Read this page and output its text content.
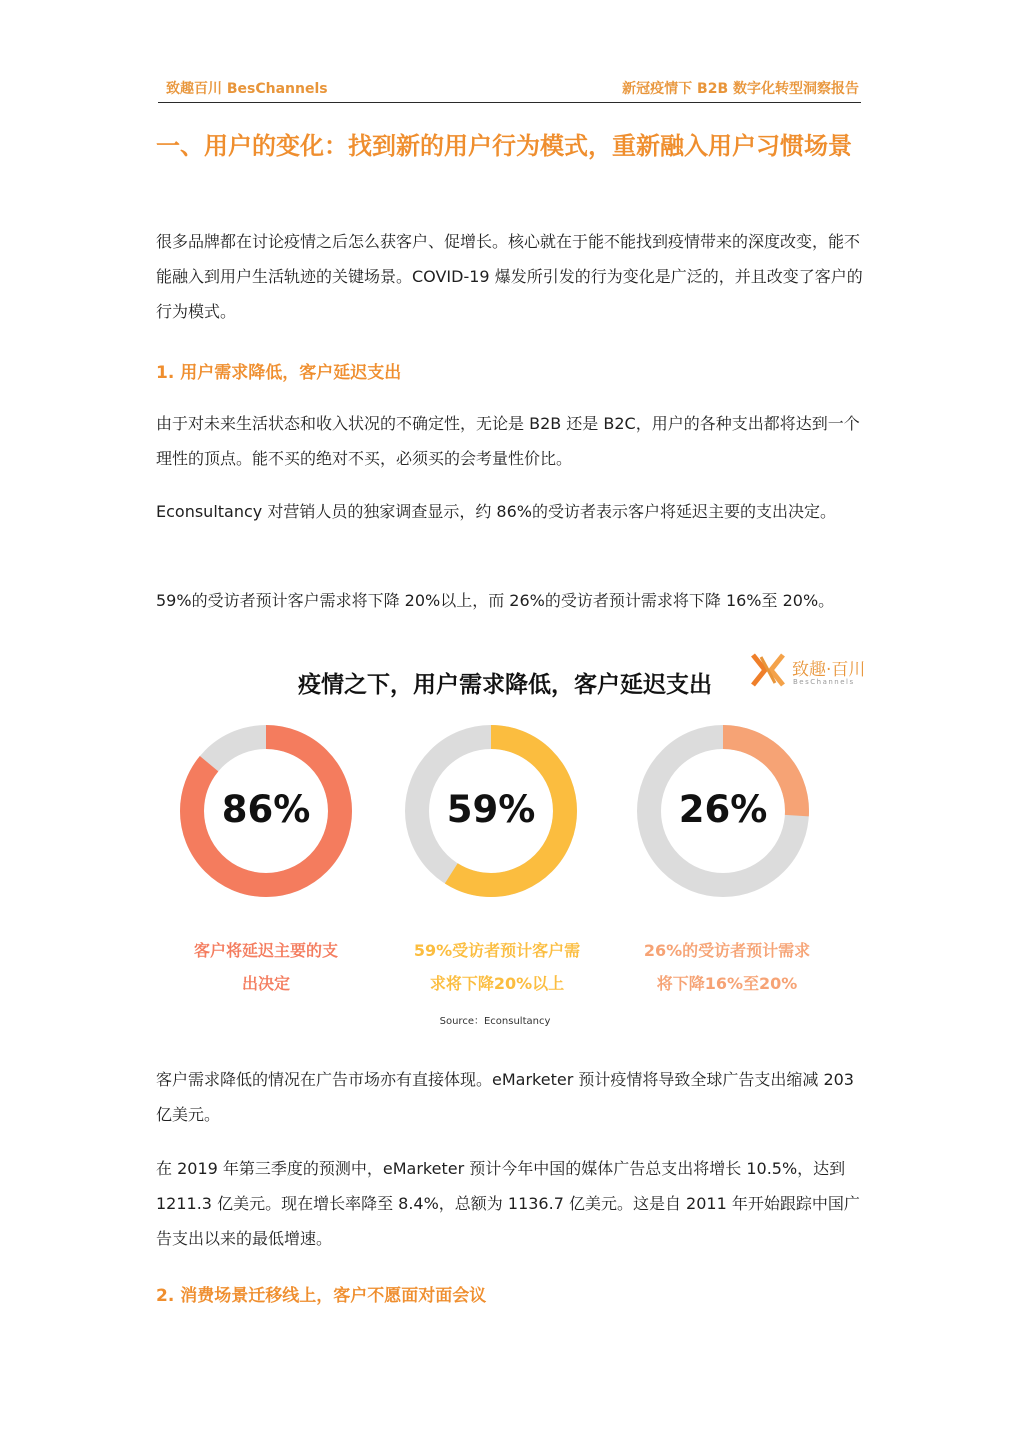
致趣百川 BesChannels	新冠疫情下 B2B 数字化转型洞察报告
一、用户的变化：找到新的用户行为模式，重新融入用户习惯场景

很多品牌都在讨论疫情之后怎么获客户、促增长。核心就在于能不能找到疫情带来的深度改变，能不能融入到用户生活轨迹的关键场景。COVID-19 爆发所引发的行为变化是广泛的，并且改变了客户的行为模式。

1. 用户需求降低，客户延迟支出

由于对未来生活状态和收入状况的不确定性，无论是 B2B 还是 B2C，用户的各种支出都将达到一个理性的顶点。能不买的绝对不买，必须买的会考量性价比。

Econsultancy 对营销人员的独家调查显示，约 86%的受访者表示客户将延迟主要的支出决定。

59%的受访者预计客户需求将下降 20%以上，而 26%的受访者预计需求将下降 16%至 20%。

疫情之下，用户需求降低，客户延迟支出
致趣·百川
BesChannels
86%	59%	26%
客户将延迟主要的支
出决定
59%受访者预计客户需
求将下降20%以上
26%的受访者预计需求
将下降16%至20%
Source：Econsultancy

客户需求降低的情况在广告市场亦有直接体现。eMarketer 预计疫情将导致全球广告支出缩减 203 亿美元。

在 2019 年第三季度的预测中，eMarketer 预计今年中国的媒体广告总支出将增长 10.5%，达到 1211.3 亿美元。现在增长率降至 8.4%，总额为 1136.7 亿美元。这是自 2011 年开始跟踪中国广告支出以来的最低增速。

2. 消费场景迁移线上，客户不愿面对面会议
